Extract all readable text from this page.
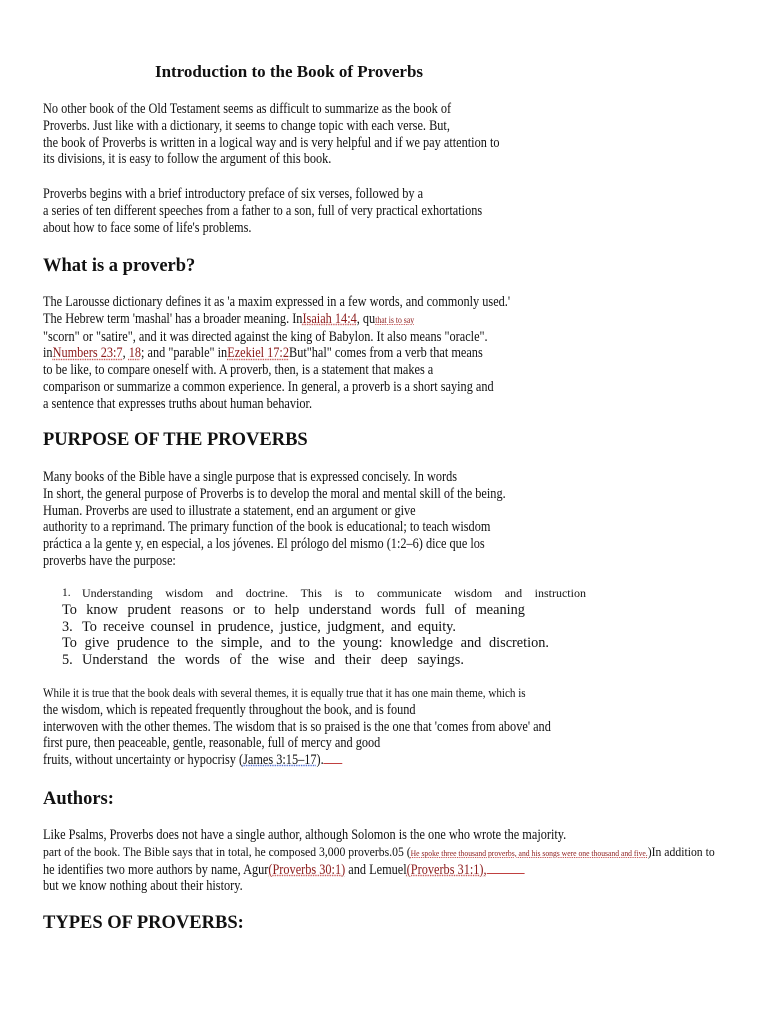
Introduction to the Book of Proverbs
No other book of the Old Testament seems as difficult to summarize as the book of
Proverbs. Just like with a dictionary, it seems to change topic with each verse. But,
the book of Proverbs is written in a logical way and is very helpful and if we pay attention to
its divisions, it is easy to follow the argument of this book.
Proverbs begins with a brief introductory preface of six verses, followed by a
a series of ten different speeches from a father to a son, full of very practical exhortations
about how to face some of life's problems.
What is a proverb?
The Larousse dictionary defines it as 'a maxim expressed in a few words, and commonly used.'
The Hebrew term 'mashal' has a broader meaning. InIsaiah 14:4, quthat is to say
"scorn" or "satire", and it was directed against the king of Babylon. It also means "oracle".
inNumbers 23:7, 18; and "parable" inEzekiel 17:2But"hal" comes from a verb that means
to be like, to compare oneself with. A proverb, then, is a statement that makes a
comparison or summarize a common experience. In general, a proverb is a short saying and
a sentence that expresses truths about human behavior.
PURPOSE OF THE PROVERBS
Many books of the Bible have a single purpose that is expressed concisely. In words
In short, the general purpose of Proverbs is to develop the moral and mental skill of the being.
Human. Proverbs are used to illustrate a statement, end an argument or give
authority to a reprimand. The primary function of the book is educational; to teach wisdom
práctica a la gente y, en especial, a los jóvenes. El prólogo del mismo (1:2–6) dice que los
proverbs have the purpose:
1. Understanding wisdom and doctrine. This is to communicate wisdom and instruction
To know prudent reasons or to help understand words full of meaning
3. To receive counsel in prudence, justice, judgment, and equity.
To give prudence to the simple, and to the young: knowledge and discretion.
5. Understand the words of the wise and their deep sayings.
While it is true that the book deals with several themes, it is equally true that it has one main theme, which is
the wisdom, which is repeated frequently throughout the book, and is found
interwoven with the other themes. The wisdom that is so praised is the one that 'comes from above' and
first pure, then peaceable, gentle, reasonable, full of mercy and good
fruits, without uncertainty or hypocrisy (James 3:15–17).
Authors:
Like Psalms, Proverbs does not have a single author, although Solomon is the one who wrote the majority.
part of the book. The Bible says that in total, he composed 3,000 proverbs.05 (He spoke three thousand proverbs, and his songs were one thousand and five.)In addition to
he identifies two more authors by name, Agur(Proverbs 30:1) and Lemuel(Proverbs 31:1),
but we know nothing about their history.
TYPES OF PROVERBS:
